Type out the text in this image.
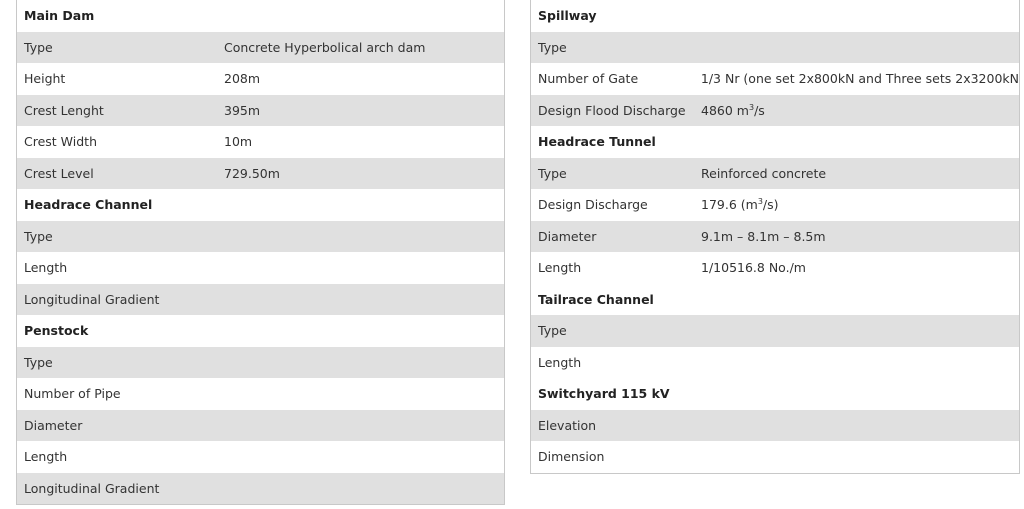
Main Dam
Type	Concrete Hyperbolical arch dam
Height	208m
Crest Lenght	395m
Crest Width	10m
Crest Level	729.50m
Headrace Channel
Type
Length
Longitudinal Gradient
Penstock
Type
Number of Pipe
Diameter
Length
Longitudinal Gradient
Spillway
Type
Number of Gate	1/3 Nr (one set 2x800kN and Three sets 2x3200kN
Design Flood Discharge	4860 $m^3/s$
Headrace Tunnel
Type	Reinforced concrete
Design Discharge	179.6 $(m^3/s)$
Diameter	9.1m – 8.1m – 8.5m
Length	1/10516.8 No./m
Tailrace Channel
Type
Length
Switchyard 115 kV
Elevation
Dimension
